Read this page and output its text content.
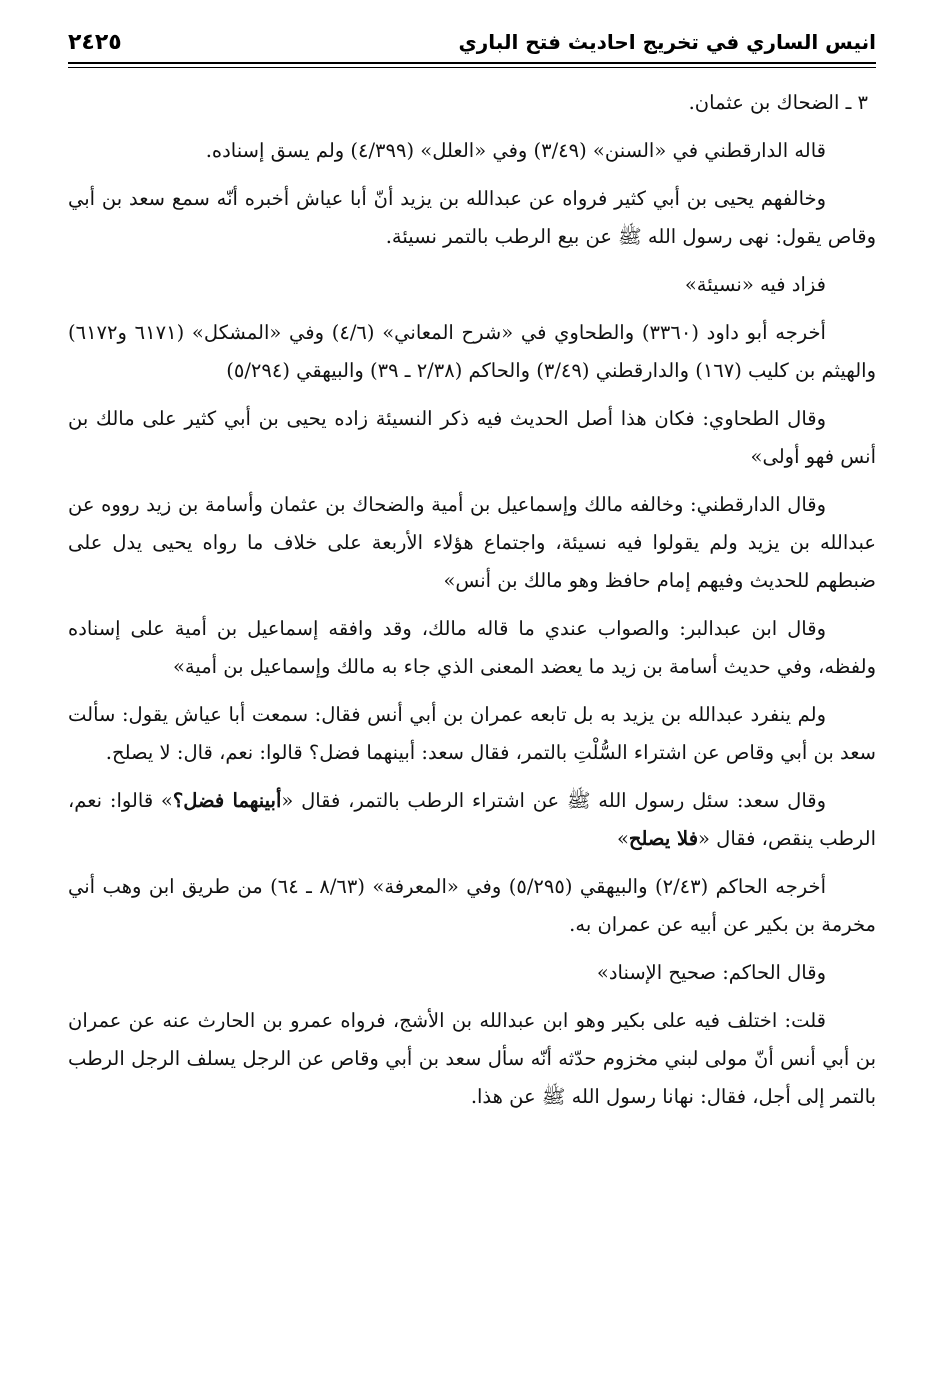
انيس الساري في تخريج احاديث فتح الباري
٢٤٢٥

٣ ـ الضحاك بن عثمان.

قاله الدارقطني في «السنن» (٣/٤٩) وفي «العلل» (٤/٣٩٩) ولم يسق إسناده.

وخالفهم يحيى بن أبي كثير فرواه عن عبدالله بن يزيد أنّ أبا عياش أخبره أنّه سمع سعد بن أبي وقاص يقول: نهى رسول الله ﷺ عن بيع الرطب بالتمر نسيئة.

فزاد فيه «نسيئة»

أخرجه أبو داود (٣٣٦٠) والطحاوي في «شرح المعاني» (٤/٦) وفي «المشكل» (٦١٧١ و٦١٧٢) والهيثم بن كليب (١٦٧) والدارقطني (٣/٤٩) والحاكم (٢/٣٨ ـ ٣٩) والبيهقي (٥/٢٩٤)

وقال الطحاوي: فكان هذا أصل الحديث فيه ذكر النسيئة زاده يحيى بن أبي كثير على مالك بن أنس فهو أولى»

وقال الدارقطني: وخالفه مالك وإسماعيل بن أمية والضحاك بن عثمان وأسامة بن زيد رووه عن عبدالله بن يزيد ولم يقولوا فيه نسيئة، واجتماع هؤلاء الأربعة على خلاف ما رواه يحيى يدل على ضبطهم للحديث وفيهم إمام حافظ وهو مالك بن أنس»

وقال ابن عبدالبر: والصواب عندي ما قاله مالك، وقد وافقه إسماعيل بن أمية على إسناده ولفظه، وفي حديث أسامة بن زيد ما يعضد المعنى الذي جاء به مالك وإسماعيل بن أمية»

ولم ينفرد عبدالله بن يزيد به بل تابعه عمران بن أبي أنس فقال: سمعت أبا عياش يقول: سألت سعد بن أبي وقاص عن اشتراء السُّلْتِ بالتمر، فقال سعد: أبينهما فضل؟ قالوا: نعم، قال: لا يصلح.

وقال سعد: سئل رسول الله ﷺ عن اشتراء الرطب بالتمر، فقال «أبينهما فضل؟» قالوا: نعم، الرطب ينقص، فقال «فلا يصلح»

أخرجه الحاكم (٢/٤٣) والبيهقي (٥/٢٩٥) وفي «المعرفة» (٨/٦٣ ـ ٦٤) من طريق ابن وهب أني مخرمة بن بكير عن أبيه عن عمران به.

وقال الحاكم: صحيح الإسناد»

قلت: اختلف فيه على بكير وهو ابن عبدالله بن الأشج، فرواه عمرو بن الحارث عنه عن عمران بن أبي أنس أنّ مولى لبني مخزوم حدّثه أنّه سأل سعد بن أبي وقاص عن الرجل يسلف الرجل الرطب بالتمر إلى أجل، فقال: نهانا رسول الله ﷺ عن هذا.
